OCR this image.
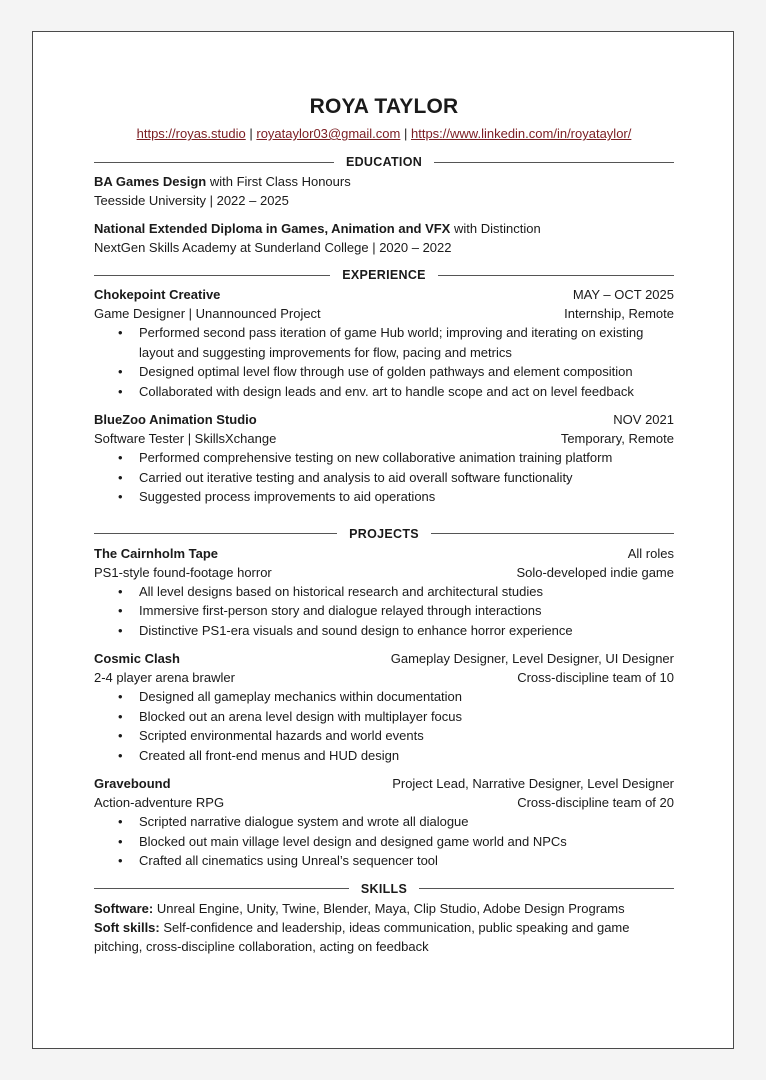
ROYA TAYLOR
https://royas.studio | royataylor03@gmail.com | https://www.linkedin.com/in/royataylor/
EDUCATION
BA Games Design with First Class Honours
Teesside University | 2022 – 2025
National Extended Diploma in Games, Animation and VFX with Distinction
NextGen Skills Academy at Sunderland College | 2020 – 2022
EXPERIENCE
Chokepoint Creative	MAY – OCT 2025
Game Designer | Unannounced Project	Internship, Remote
• Performed second pass iteration of game Hub world; improving and iterating on existing layout and suggesting improvements for flow, pacing and metrics
• Designed optimal level flow through use of golden pathways and element composition
• Collaborated with design leads and env. art to handle scope and act on level feedback
BlueZoo Animation Studio	NOV 2021
Software Tester | SkillsXchange	Temporary, Remote
• Performed comprehensive testing on new collaborative animation training platform
• Carried out iterative testing and analysis to aid overall software functionality
• Suggested process improvements to aid operations
PROJECTS
The Cairnholm Tape	All roles
PS1-style found-footage horror	Solo-developed indie game
• All level designs based on historical research and architectural studies
• Immersive first-person story and dialogue relayed through interactions
• Distinctive PS1-era visuals and sound design to enhance horror experience
Cosmic Clash	Gameplay Designer, Level Designer, UI Designer
2-4 player arena brawler	Cross-discipline team of 10
• Designed all gameplay mechanics within documentation
• Blocked out an arena level design with multiplayer focus
• Scripted environmental hazards and world events
• Created all front-end menus and HUD design
Gravebound	Project Lead, Narrative Designer, Level Designer
Action-adventure RPG	Cross-discipline team of 20
• Scripted narrative dialogue system and wrote all dialogue
• Blocked out main village level design and designed game world and NPCs
• Crafted all cinematics using Unreal’s sequencer tool
SKILLS
Software: Unreal Engine, Unity, Twine, Blender, Maya, Clip Studio, Adobe Design Programs
Soft skills: Self-confidence and leadership, ideas communication, public speaking and game pitching, cross-discipline collaboration, acting on feedback
